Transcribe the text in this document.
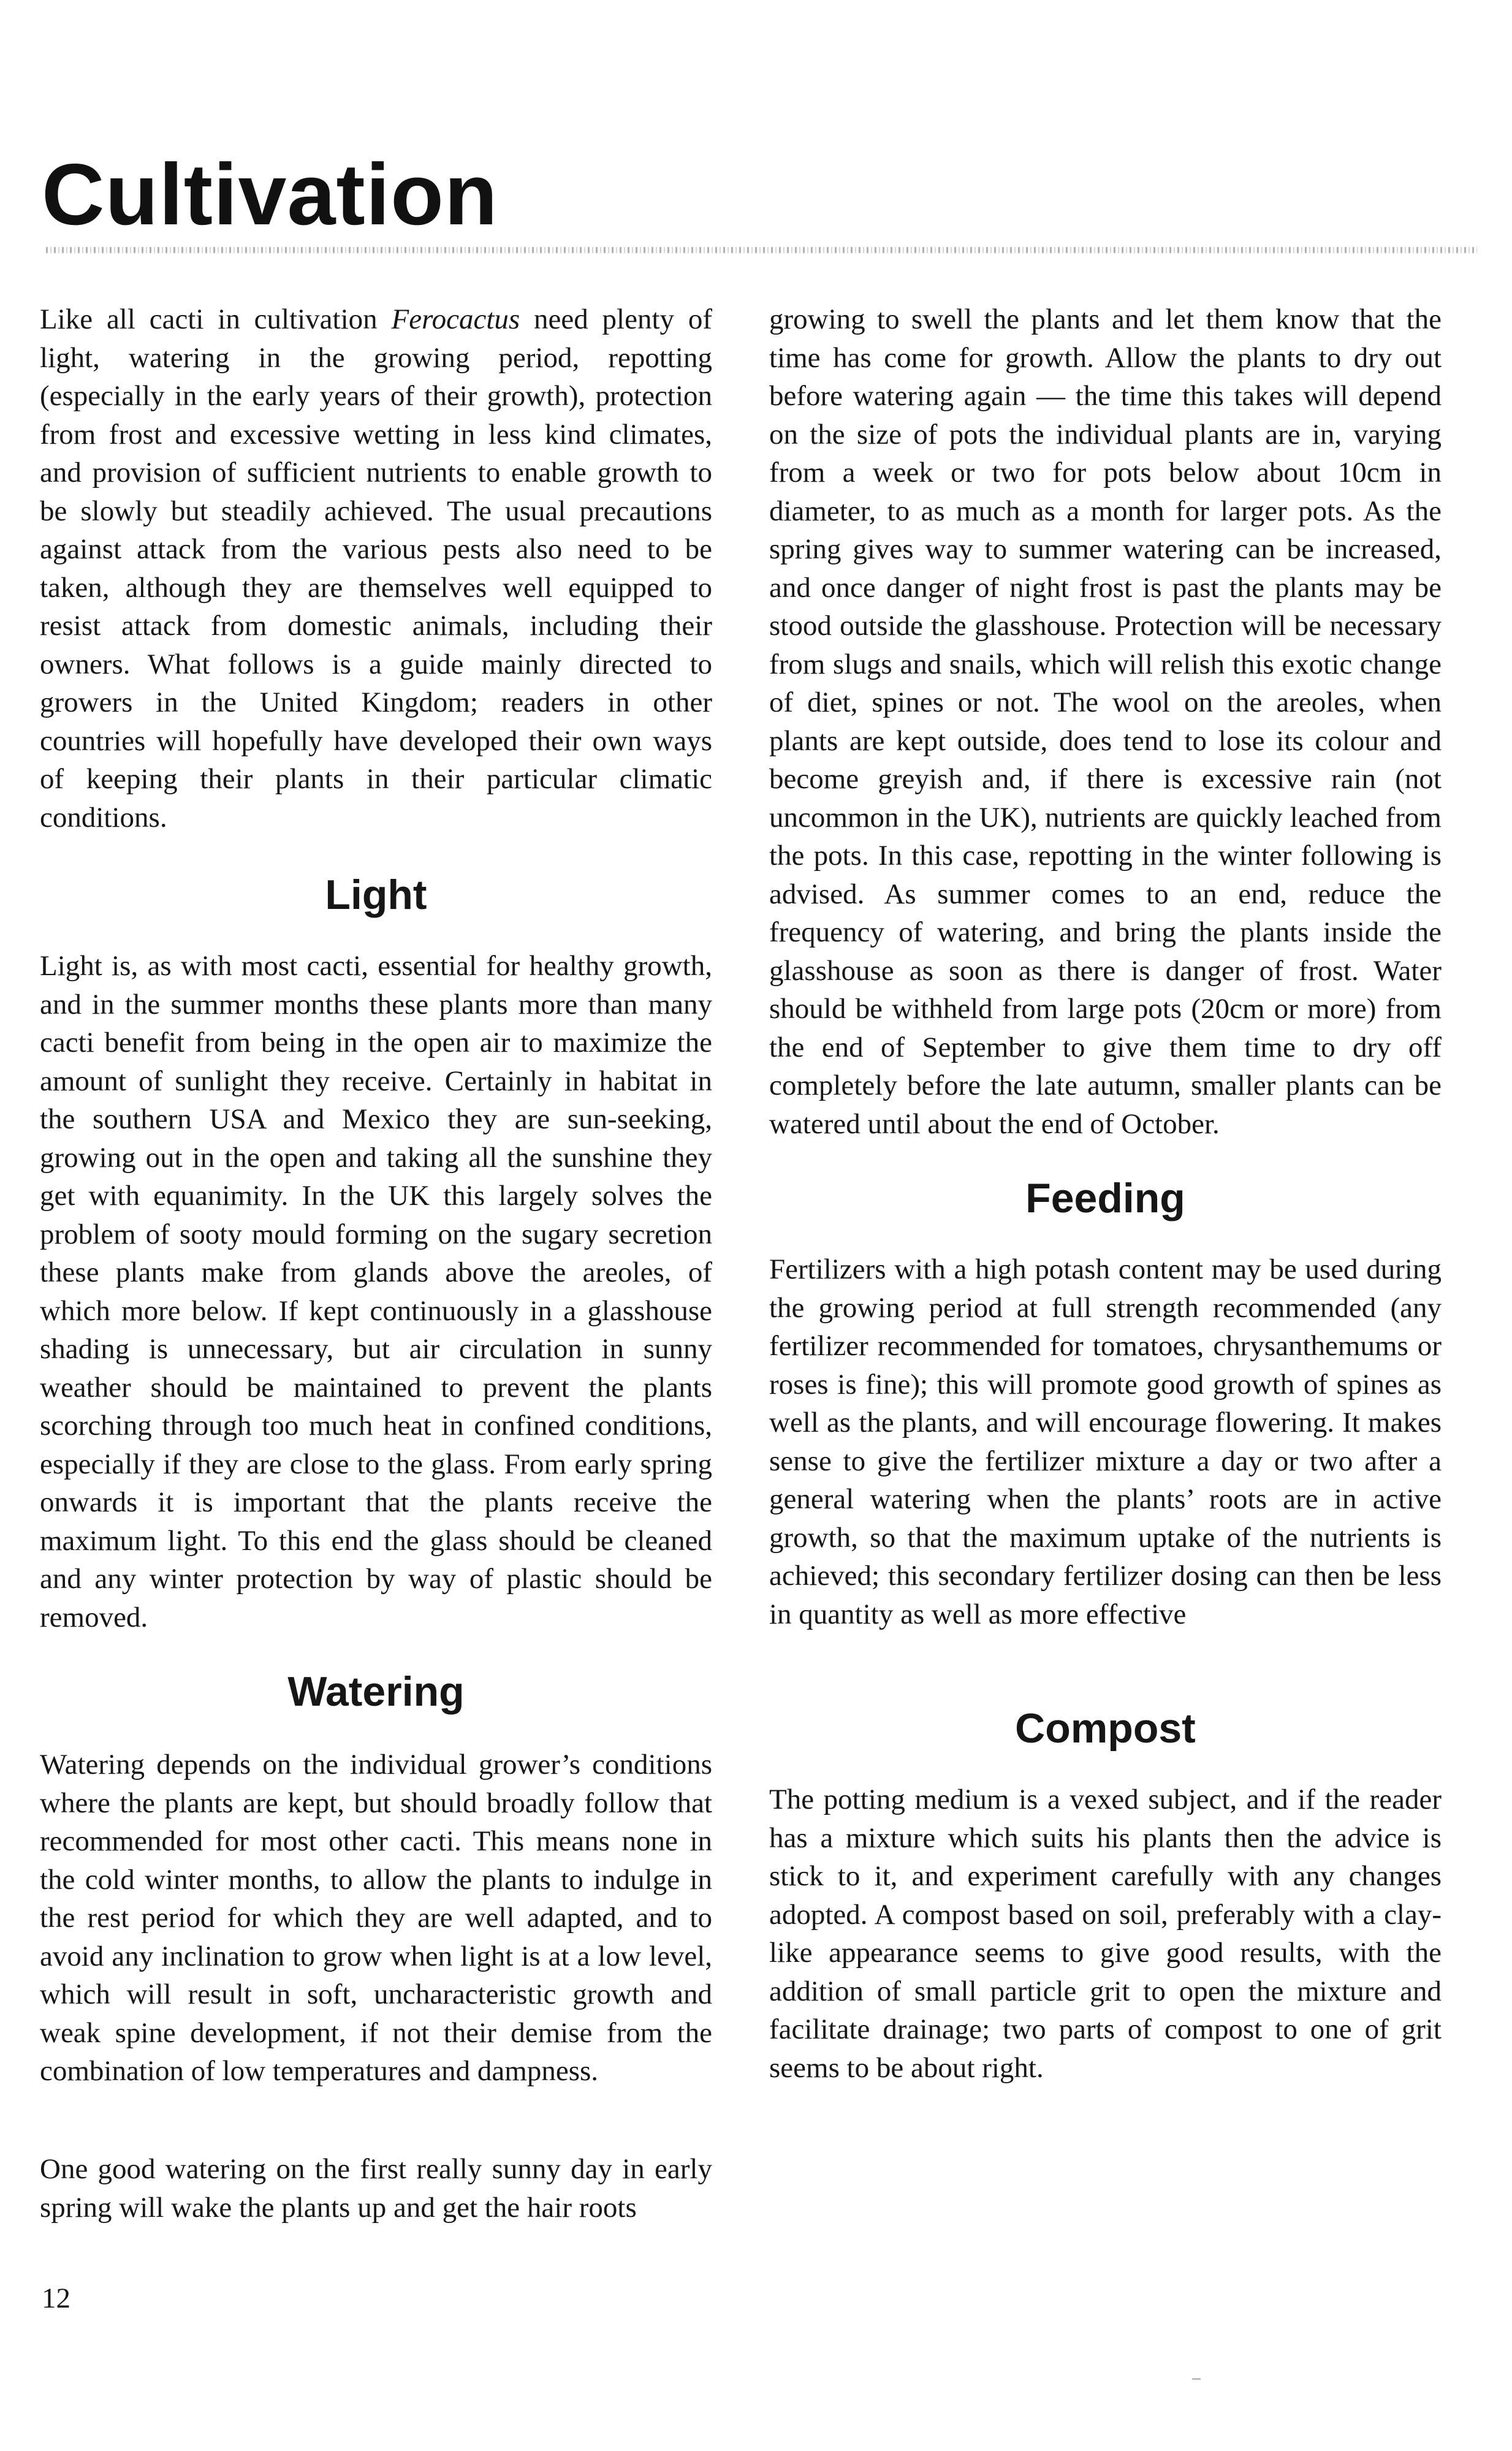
Cultivation

Like all cacti in cultivation Ferocactus need plenty of light, watering in the growing period, repotting (especially in the early years of their growth), protection from frost and excessive wetting in less kind climates, and provision of sufficient nutrients to enable growth to be slowly but steadily achieved. The usual precautions against attack from the various pests also need to be taken, although they are themselves well equipped to resist attack from domestic animals, including their owners. What follows is a guide mainly directed to growers in the United Kingdom; readers in other countries will hopefully have developed their own ways of keeping their plants in their particular climatic conditions.

Light

Light is, as with most cacti, essential for healthy growth, and in the summer months these plants more than many cacti benefit from being in the open air to maximize the amount of sunlight they receive. Certainly in habitat in the southern USA and Mexico they are sun-seeking, growing out in the open and taking all the sunshine they get with equanimity. In the UK this largely solves the problem of sooty mould forming on the sugary secretion these plants make from glands above the areoles, of which more below. If kept continuously in a glasshouse shading is unnecessary, but air circulation in sunny weather should be maintained to prevent the plants scorching through too much heat in confined conditions, especially if they are close to the glass. From early spring onwards it is important that the plants receive the maximum light. To this end the glass should be cleaned and any winter protection by way of plastic should be removed.

Watering

Watering depends on the individual grower’s conditions where the plants are kept, but should broadly follow that recommended for most other cacti. This means none in the cold winter months, to allow the plants to indulge in the rest period for which they are well adapted, and to avoid any inclination to grow when light is at a low level, which will result in soft, uncharacteristic growth and weak spine development, if not their demise from the combination of low temperatures and dampness.

One good watering on the first really sunny day in early spring will wake the plants up and get the hair roots

growing to swell the plants and let them know that the time has come for growth. Allow the plants to dry out before watering again — the time this takes will depend on the size of pots the individual plants are in, varying from a week or two for pots below about 10cm in diameter, to as much as a month for larger pots. As the spring gives way to summer watering can be increased, and once danger of night frost is past the plants may be stood outside the glasshouse. Protection will be necessary from slugs and snails, which will relish this exotic change of diet, spines or not. The wool on the areoles, when plants are kept outside, does tend to lose its colour and become greyish and, if there is excessive rain (not uncommon in the UK), nutrients are quickly leached from the pots. In this case, repotting in the winter following is advised. As summer comes to an end, reduce the frequency of watering, and bring the plants inside the glasshouse as soon as there is danger of frost. Water should be withheld from large pots (20cm or more) from the end of September to give them time to dry off completely before the late autumn, smaller plants can be watered until about the end of October.

Feeding

Fertilizers with a high potash content may be used during the growing period at full strength recommended (any fertilizer recommended for tomatoes, chrysanthemums or roses is fine); this will promote good growth of spines as well as the plants, and will encourage flowering. It makes sense to give the fertilizer mixture a day or two after a general watering when the plants’ roots are in active growth, so that the maximum uptake of the nutrients is achieved; this secondary fertilizer dosing can then be less in quantity as well as more effective

Compost

The potting medium is a vexed subject, and if the reader has a mixture which suits his plants then the advice is stick to it, and experiment carefully with any changes adopted. A compost based on soil, preferably with a clay-like appearance seems to give good results, with the addition of small particle grit to open the mixture and facilitate drainage; two parts of compost to one of grit seems to be about right.

12
